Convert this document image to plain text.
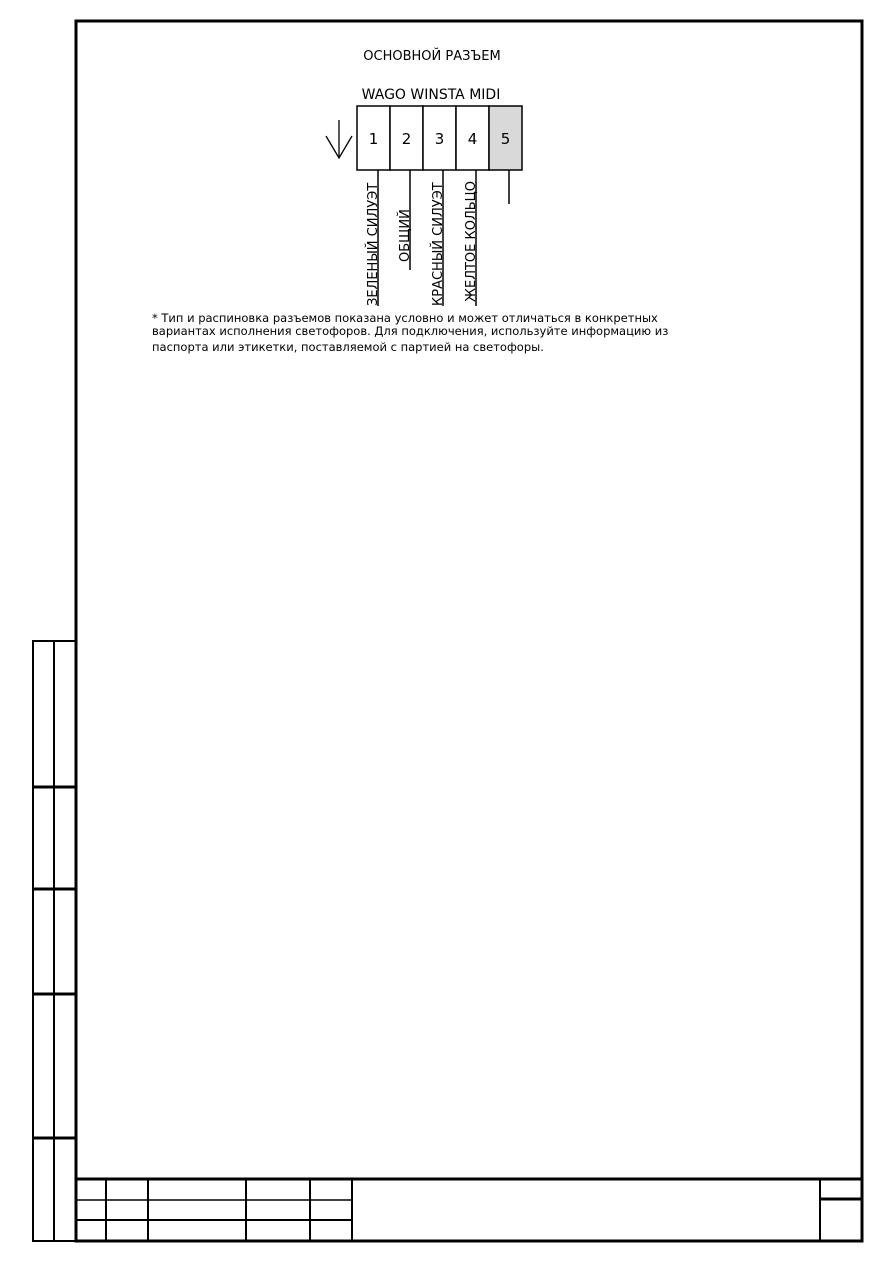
ОСНОВНОЙ РАЗЪЕМ
WAGO WINSTA MIDI
1 2 3 4 5
ЗЕЛЕНЫЙ СИЛУЭТ ОБЩИЙ КРАСНЫЙ СИЛУЭТ ЖЕЛТОЕ КОЛЬЦО
* Тип и распиновка разъемов показана условно и может отличаться в конкретных
вариантах исполнения светофоров. Для подключения, используйте информацию из
паспорта или этикетки, поставляемой с партией на светофоры.
